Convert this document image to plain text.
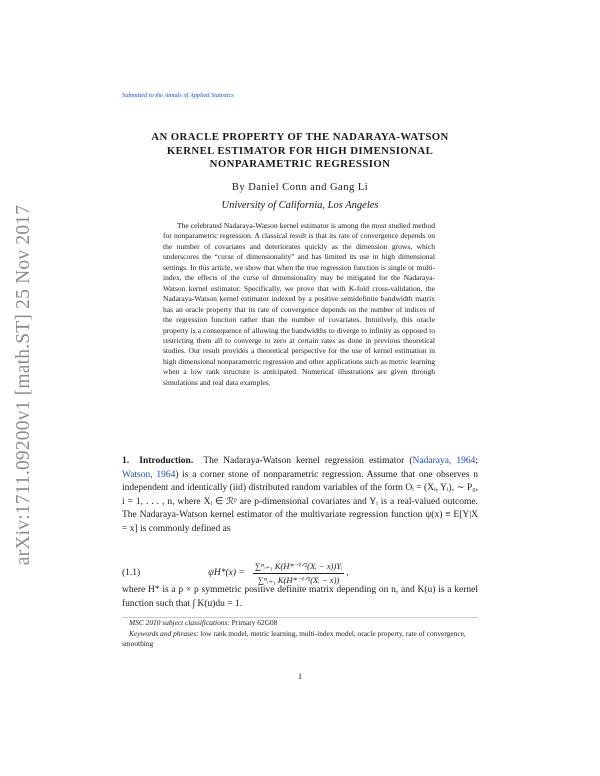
arXiv:1711.09200v1 [math.ST] 25 Nov 2017
Submitted to the Annals of Applied Statistics
AN ORACLE PROPERTY OF THE NADARAYA-WATSON
KERNEL ESTIMATOR FOR HIGH DIMENSIONAL
NONPARAMETRIC REGRESSION
By Daniel Conn and Gang Li
University of California, Los Angeles

The celebrated Nadaraya-Watson kernel estimator is among the most studied method for nonparametric regression. A classical result is that its rate of convergence depends on the number of covariates and deteriorates quickly as the dimension grows, which underscores the “curse of dimensionality” and has limited its use in high dimensional settings. In this article, we show that when the true regression function is single or multi-index, the effects of the curse of dimensionality may be mitigated for the Nadaraya-Watson kernel estimator. Specifically, we prove that with K-fold cross-validation, the Nadaraya-Watson kernel estimator indexed by a positive semidefinite bandwidth matrix has an oracle property that its rate of convergence depends on the number of indices of the regression function rather than the number of covariates. Intuitively, this oracle property is a consequence of allowing the bandwidths to diverge to infinity as opposed to restricting them all to converge to zero at certain rates as done in previous theoretical studies. Our result provides a theoretical perspective for the use of kernel estimation in high dimensional nonparametric regression and other applications such as metric learning when a low rank structure is anticipated. Numerical illustrations are given through simulations and real data examples.

1. Introduction. The Nadaraya-Watson kernel regression estimator (Nadaraya, 1964; Watson, 1964) is a corner stone of nonparametric regression. Assume that one observes n independent and identically (iid) distributed random variables of the form Oᵢ = (Xᵢ, Yᵢ), ∼ P₀, i = 1, . . . , n, where Xᵢ ∈ ℛᵖ are p-dimensional covariates and Yᵢ is a real-valued outcome. The Nadaraya-Watson kernel estimator of the multivariate regression function ψ(x) ≡ E[Y|X = x] is commonly defined as

(1.1)	$\psi H*(x) = \frac{\text{∑ⁿᵢ₌₁ K(H*⁻¹ᐟ²(Xᵢ − x))Yᵢ}}{\text{∑ⁿᵢ₌₁ K(H*⁻¹ᐟ²(Xᵢ − x))}}$ ,

where H* is a p × p symmetric positive definite matrix depending on n, and K(u) is a kernel function such that ∫ K(u)du = 1.

MSC 2010 subject classifications: Primary 62G08

Keywords and phrases: low rank model, metric learning, multi-index model, oracle property, rate of convergence, smoothing

1
